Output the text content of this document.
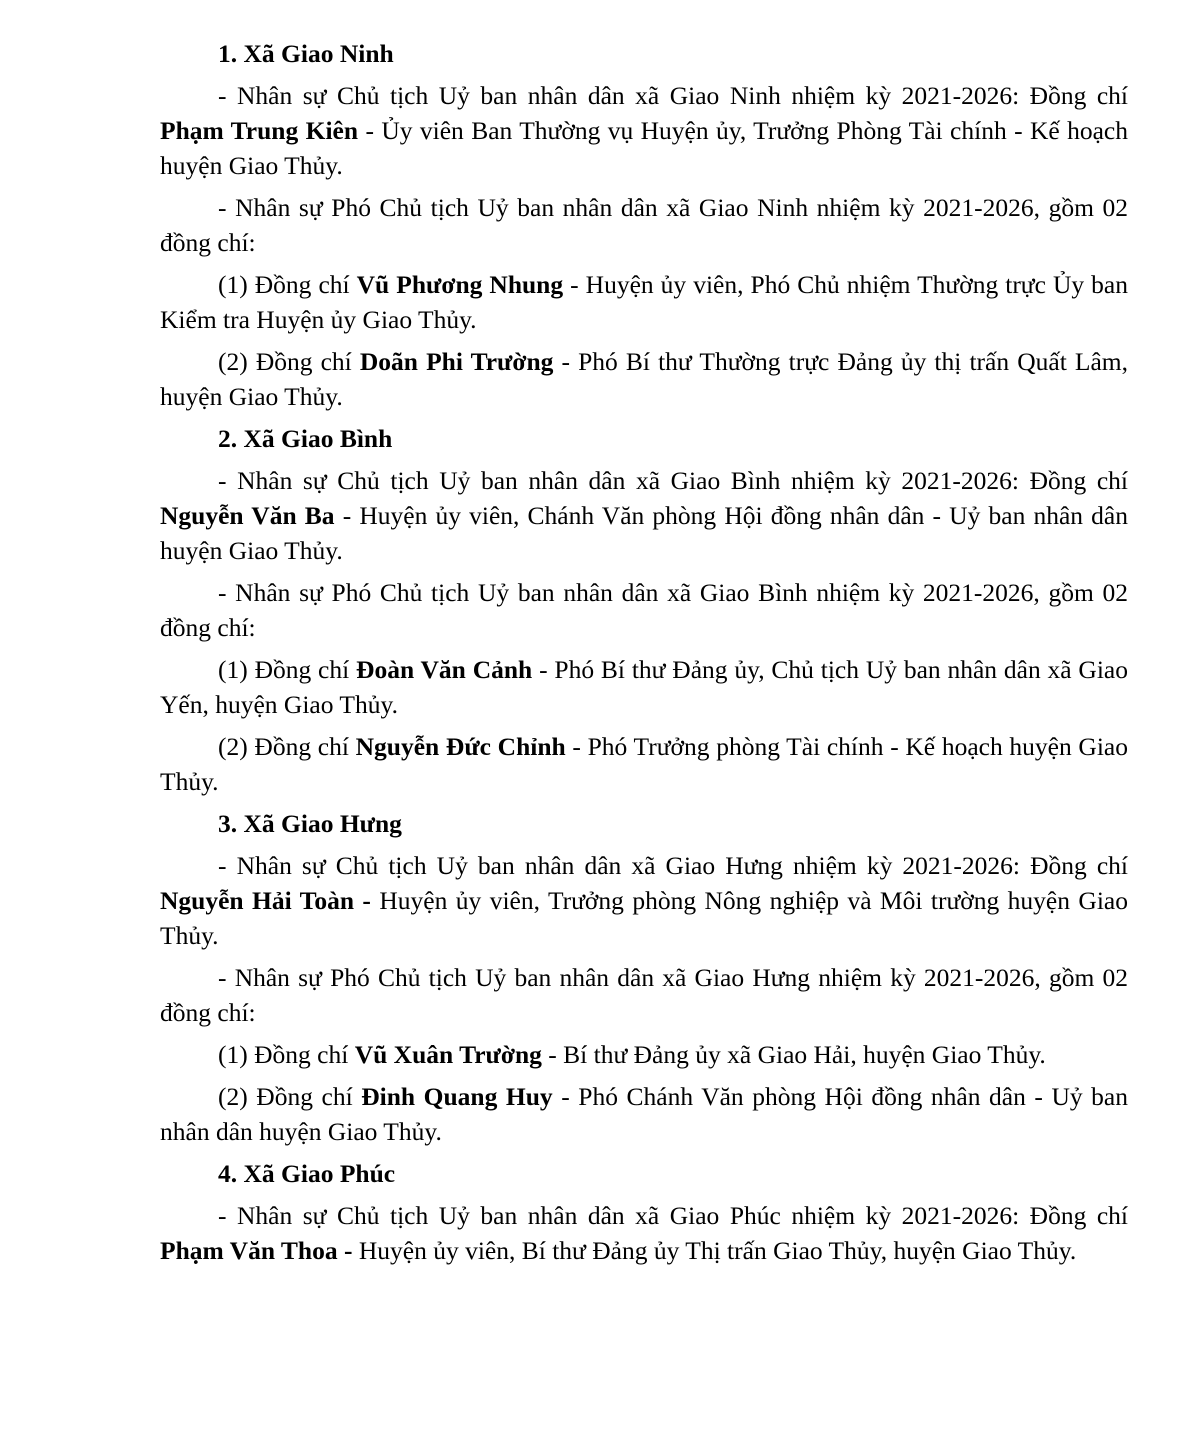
1. Xã Giao Ninh

- Nhân sự Chủ tịch Uỷ ban nhân dân xã Giao Ninh nhiệm kỳ 2021-2026: Đồng chí Phạm Trung Kiên - Ủy viên Ban Thường vụ Huyện ủy, Trưởng Phòng Tài chính - Kế hoạch huyện Giao Thủy.

- Nhân sự Phó Chủ tịch Uỷ ban nhân dân xã Giao Ninh nhiệm kỳ 2021-2026, gồm 02 đồng chí:

(1) Đồng chí Vũ Phương Nhung - Huyện ủy viên, Phó Chủ nhiệm Thường trực Ủy ban Kiểm tra Huyện ủy Giao Thủy.

(2) Đồng chí Doãn Phi Trường - Phó Bí thư Thường trực Đảng ủy thị trấn Quất Lâm, huyện Giao Thủy.

2. Xã Giao Bình

- Nhân sự Chủ tịch Uỷ ban nhân dân xã Giao Bình nhiệm kỳ 2021-2026: Đồng chí Nguyễn Văn Ba - Huyện ủy viên, Chánh Văn phòng Hội đồng nhân dân - Uỷ ban nhân dân huyện Giao Thủy.

- Nhân sự Phó Chủ tịch Uỷ ban nhân dân xã Giao Bình nhiệm kỳ 2021-2026, gồm 02 đồng chí:

(1) Đồng chí Đoàn Văn Cảnh - Phó Bí thư Đảng ủy, Chủ tịch Uỷ ban nhân dân xã Giao Yến, huyện Giao Thủy.

(2) Đồng chí Nguyễn Đức Chỉnh - Phó Trưởng phòng Tài chính - Kế hoạch huyện Giao Thủy.

3. Xã Giao Hưng

- Nhân sự Chủ tịch Uỷ ban nhân dân xã Giao Hưng nhiệm kỳ 2021-2026: Đồng chí Nguyễn Hải Toàn - Huyện ủy viên, Trưởng phòng Nông nghiệp và Môi trường huyện Giao Thủy.

- Nhân sự Phó Chủ tịch Uỷ ban nhân dân xã Giao Hưng nhiệm kỳ 2021-2026, gồm 02 đồng chí:

(1) Đồng chí Vũ Xuân Trường - Bí thư Đảng ủy xã Giao Hải, huyện Giao Thủy.

(2) Đồng chí Đinh Quang Huy - Phó Chánh Văn phòng Hội đồng nhân dân - Uỷ ban nhân dân huyện Giao Thủy.

4. Xã Giao Phúc

- Nhân sự Chủ tịch Uỷ ban nhân dân xã Giao Phúc nhiệm kỳ 2021-2026: Đồng chí Phạm Văn Thoa - Huyện ủy viên, Bí thư Đảng ủy Thị trấn Giao Thủy, huyện Giao Thủy.
